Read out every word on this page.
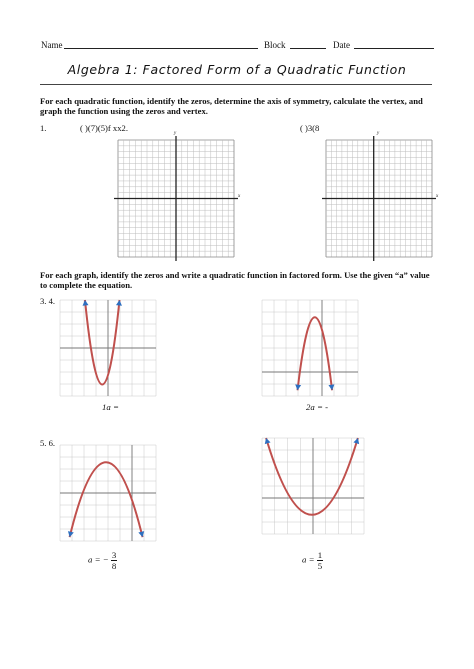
Name	Block	Date
Algebra 1: Factored Form of a Quadratic Function
For each quadratic function, identify the zeros, determine the axis of symmetry, calculate the vertex, and graph the function using the zeros and vertex.
1.	( )(7)(5)f xx2.	( )3(8
y
x
y
x
For each graph, identify the zeros and write a quadratic function in factored form. Use the given “a” value to complete the equation.
3. 4.
1a =	2a = -
5. 6.
a = − $\frac{3}{8}$	$a = \frac{1}{5}$
